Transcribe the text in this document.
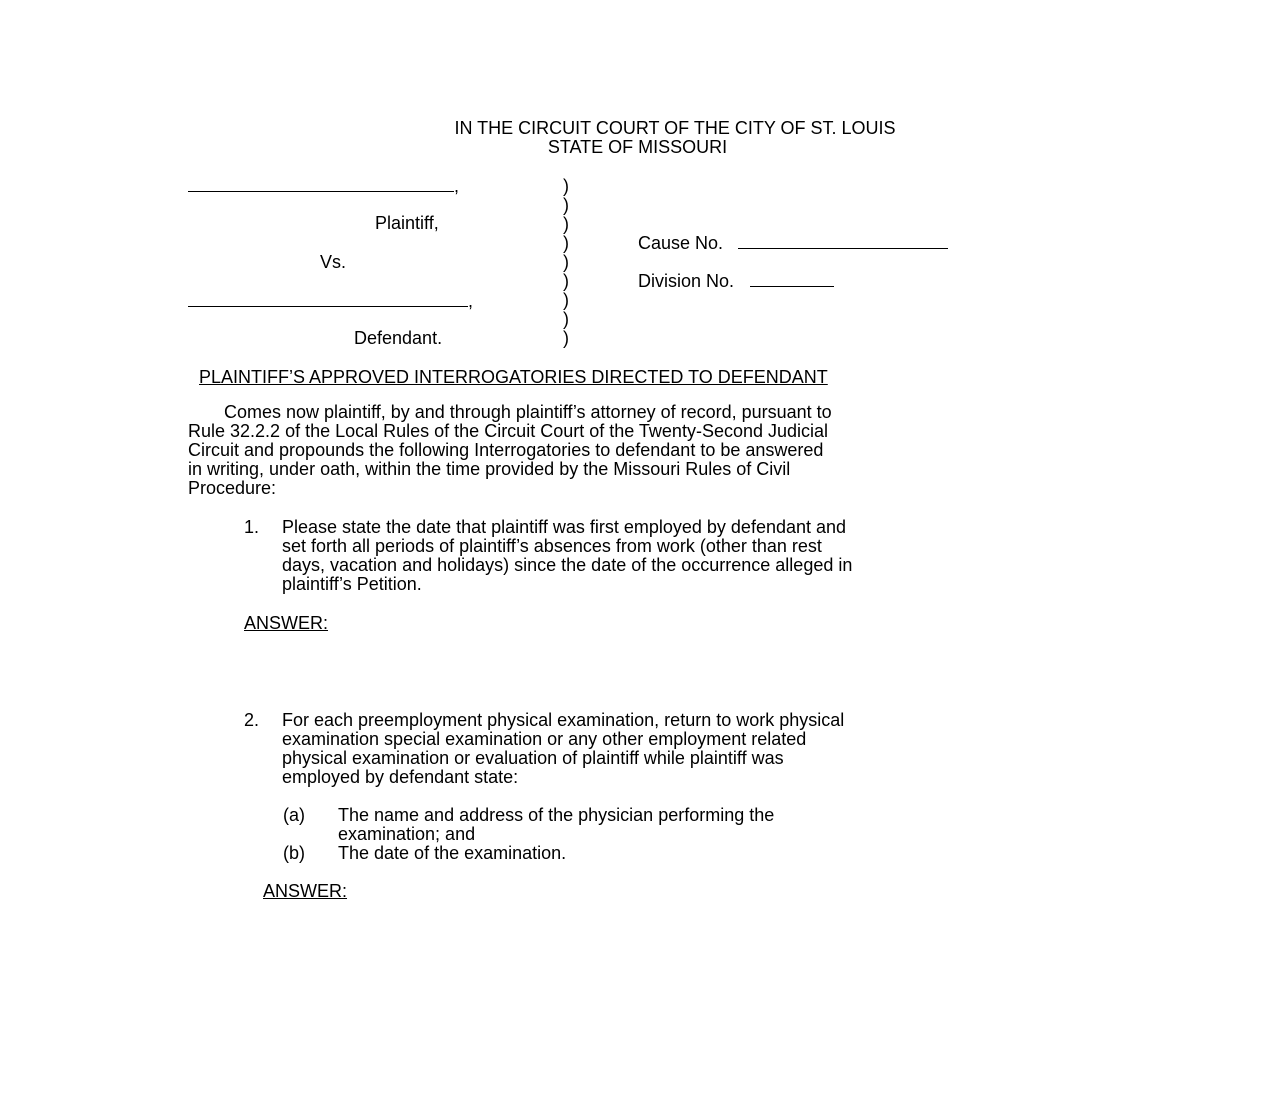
IN THE CIRCUIT COURT OF THE CITY OF ST. LOUIS
STATE OF MISSOURI
,
Plaintiff,
Vs.
,
Defendant.
)
)
)
)
)
)
)
)
)
Cause No.
Division No.
PLAINTIFF’S APPROVED INTERROGATORIES DIRECTED TO DEFENDANT
Comes now plaintiff, by and through plaintiff’s attorney of record, pursuant to
Rule 32.2.2 of the Local Rules of the Circuit Court of the Twenty-Second Judicial
Circuit and propounds the following Interrogatories to defendant to be answered
in writing, under oath, within the time provided by the Missouri Rules of Civil
Procedure:
1. Please state the date that plaintiff was first employed by defendant and
set forth all periods of plaintiff’s absences from work (other than rest
days, vacation and holidays) since the date of the occurrence alleged in
plaintiff’s Petition.
ANSWER:
2. For each preemployment physical examination, return to work physical
examination special examination or any other employment related
physical examination or evaluation of plaintiff while plaintiff was
employed by defendant state:
(a) The name and address of the physician performing the
examination; and
(b) The date of the examination.
ANSWER:
